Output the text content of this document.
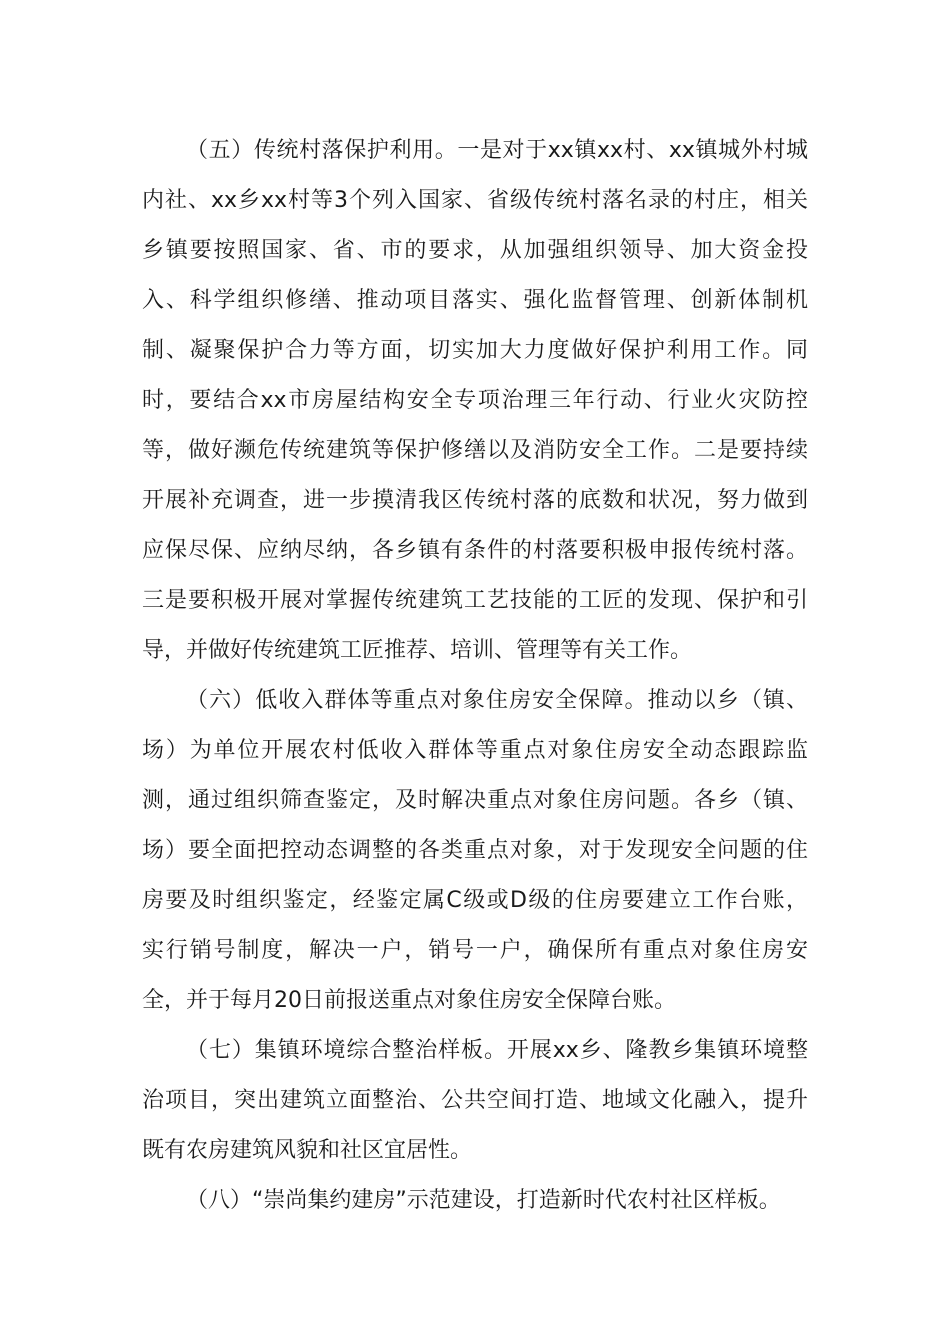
（五）传统村落保护利用。一是对于xx镇xx村、xx镇城外村城
内社、xx乡xx村等3个列入国家、省级传统村落名录的村庄，相关
乡镇要按照国家、省、市的要求，从加强组织领导、加大资金投
入、科学组织修缮、推动项目落实、强化监督管理、创新体制机
制、凝聚保护合力等方面，切实加大力度做好保护利用工作。同
时，要结合xx市房屋结构安全专项治理三年行动、行业火灾防控
等，做好濒危传统建筑等保护修缮以及消防安全工作。二是要持续
开展补充调查，进一步摸清我区传统村落的底数和状况，努力做到
应保尽保、应纳尽纳，各乡镇有条件的村落要积极申报传统村落。
三是要积极开展对掌握传统建筑工艺技能的工匠的发现、保护和引
导，并做好传统建筑工匠推荐、培训、管理等有关工作。
（六）低收入群体等重点对象住房安全保障。推动以乡（镇、
场）为单位开展农村低收入群体等重点对象住房安全动态跟踪监
测，通过组织筛查鉴定，及时解决重点对象住房问题。各乡（镇、
场）要全面把控动态调整的各类重点对象，对于发现安全问题的住
房要及时组织鉴定，经鉴定属C级或D级的住房要建立工作台账，
实行销号制度，解决一户，销号一户，确保所有重点对象住房安
全，并于每月20日前报送重点对象住房安全保障台账。
（七）集镇环境综合整治样板。开展xx乡、隆教乡集镇环境整
治项目，突出建筑立面整治、公共空间打造、地域文化融入，提升
既有农房建筑风貌和社区宜居性。
（八）“崇尚集约建房”示范建设，打造新时代农村社区样板。
